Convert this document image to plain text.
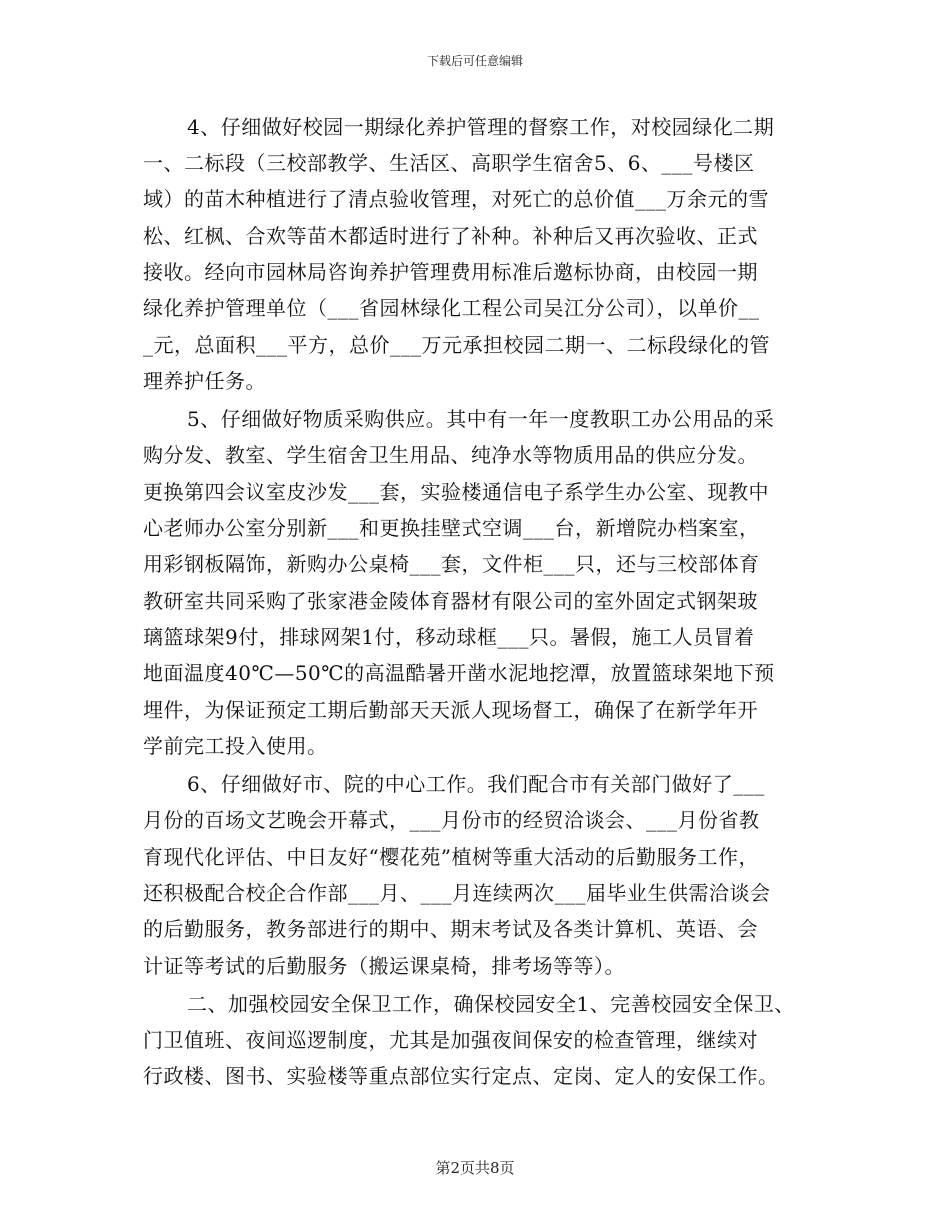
下载后可任意编辑
4、仔细做好校园一期绿化养护管理的督察工作，对校园绿化二期
一、二标段（三校部教学、生活区、高职学生宿舍5、6、___号楼区
域）的苗木种植进行了清点验收管理，对死亡的总价值___万余元的雪
松、红枫、合欢等苗木都适时进行了补种。补种后又再次验收、正式
接收。经向市园林局咨询养护管理费用标准后邀标协商，由校园一期
绿化养护管理单位（___省园林绿化工程公司吴江分公司），以单价__
_元，总面积___平方，总价___万元承担校园二期一、二标段绿化的管
理养护任务。
5、仔细做好物质采购供应。其中有一年一度教职工办公用品的采
购分发、教室、学生宿舍卫生用品、纯净水等物质用品的供应分发。
更换第四会议室皮沙发___套，实验楼通信电子系学生办公室、现教中
心老师办公室分别新___和更换挂壁式空调___台，新增院办档案室，
用彩钢板隔饰，新购办公桌椅___套，文件柜___只，还与三校部体育
教研室共同采购了张家港金陵体育器材有限公司的室外固定式钢架玻
璃篮球架9付，排球网架1付，移动球框___只。暑假，施工人员冒着
地面温度40℃—50℃的高温酷暑开凿水泥地挖潭，放置篮球架地下预
埋件，为保证预定工期后勤部天天派人现场督工，确保了在新学年开
学前完工投入使用。
6、仔细做好市、院的中心工作。我们配合市有关部门做好了___
月份的百场文艺晚会开幕式，___月份市的经贸洽谈会、___月份省教
育现代化评估、中日友好“樱花苑”植树等重大活动的后勤服务工作，
还积极配合校企合作部___月、___月连续两次___届毕业生供需洽谈会
的后勤服务，教务部进行的期中、期末考试及各类计算机、英语、会
计证等考试的后勤服务（搬运课桌椅，排考场等等）。
二、加强校园安全保卫工作，确保校园安全1、完善校园安全保卫、
门卫值班、夜间巡逻制度，尤其是加强夜间保安的检查管理，继续对
行政楼、图书、实验楼等重点部位实行定点、定岗、定人的安保工作。
第2页共8页
